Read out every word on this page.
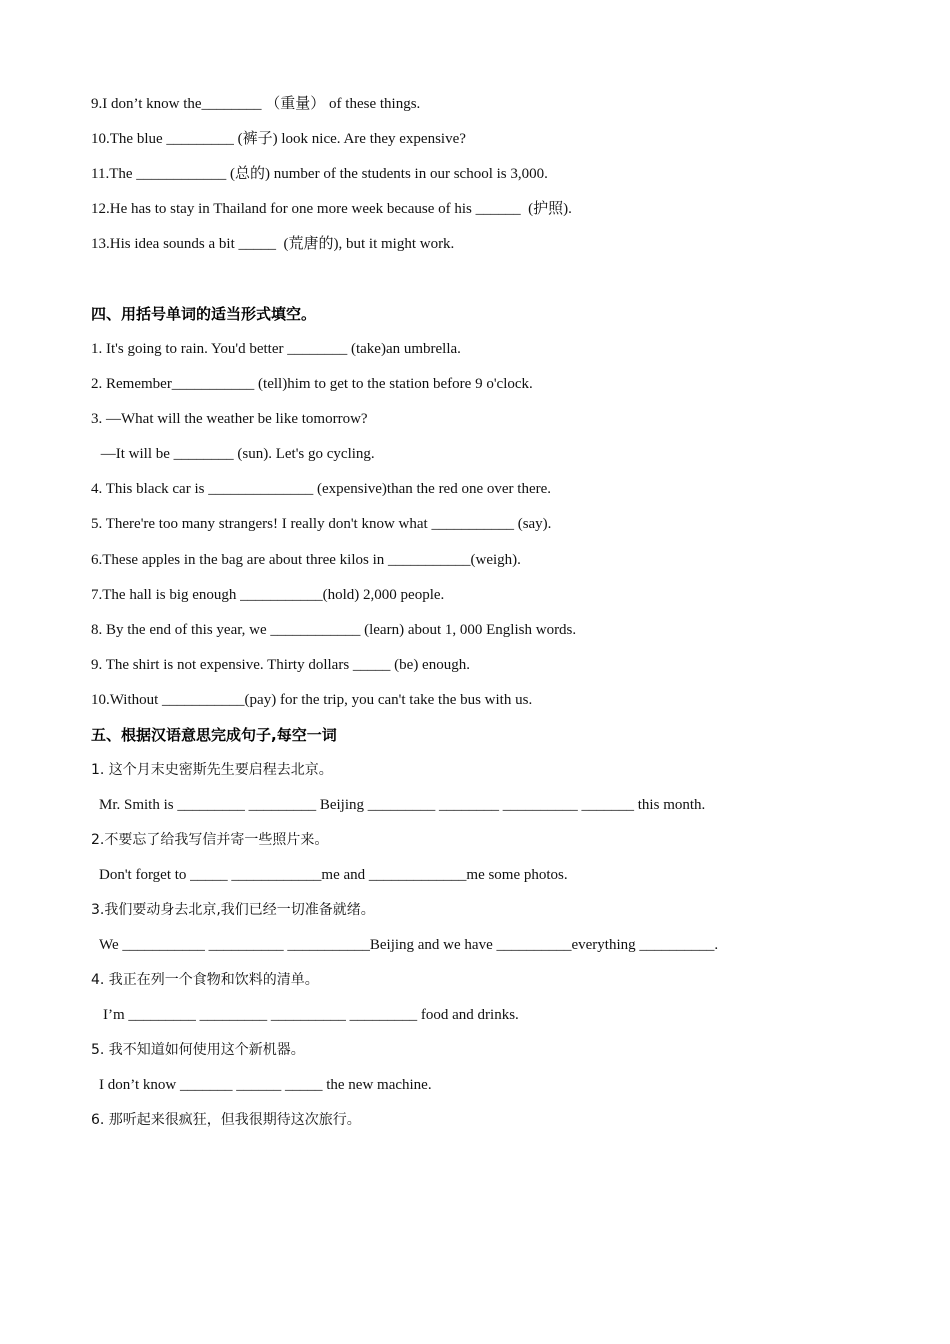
9.I don’t know the________ （重量） of these things.
10.The blue _________ (裤子) look nice. Are they expensive?
11.The ____________ (总的) number of the students in our school is 3,000.
12.He has to stay in Thailand for one more week because of his ______  (护照).
13.His idea sounds a bit _____  (荒唐的), but it might work.
四、用括号单词的适当形式填空。
1. It's going to rain. You'd better ________ (take)an umbrella.
2. Remember___________ (tell)him to get to the station before 9 o'clock.
3. —What will the weather be like tomorrow?
—It will be ________ (sun). Let's go cycling.
4. This black car is ______________ (expensive)than the red one over there.
5. There're too many strangers! I really don't know what ___________ (say).
6.These apples in the bag are about three kilos in ___________(weigh).
7.The hall is big enough ___________(hold) 2,000 people.
8. By the end of this year, we ____________ (learn) about 1, 000 English words.
9. The shirt is not expensive. Thirty dollars _____ (be) enough.
10.Without ___________(pay) for the trip, you can't take the bus with us.
五、根据汉语意思完成句子,每空一词
1. 这个月末史密斯先生要启程去北京。
Mr. Smith is _________ _________ Beijing _________ ________ __________ _______ this month.
2.不要忘了给我写信并寄一些照片来。
Don't forget to _____ ____________me and _____________me some photos.
3.我们要动身去北京,我们已经一切准备就绪。
We ___________ __________ ___________Beijing and we have __________everything __________.
4. 我正在列一个食物和饮料的清单。
I’m _________ _________ __________ _________ food and drinks.
5. 我不知道如何使用这个新机器。
I don’t know _______ ______ _____ the new machine.
6. 那听起来很疯狂，但我很期待这次旅行。
